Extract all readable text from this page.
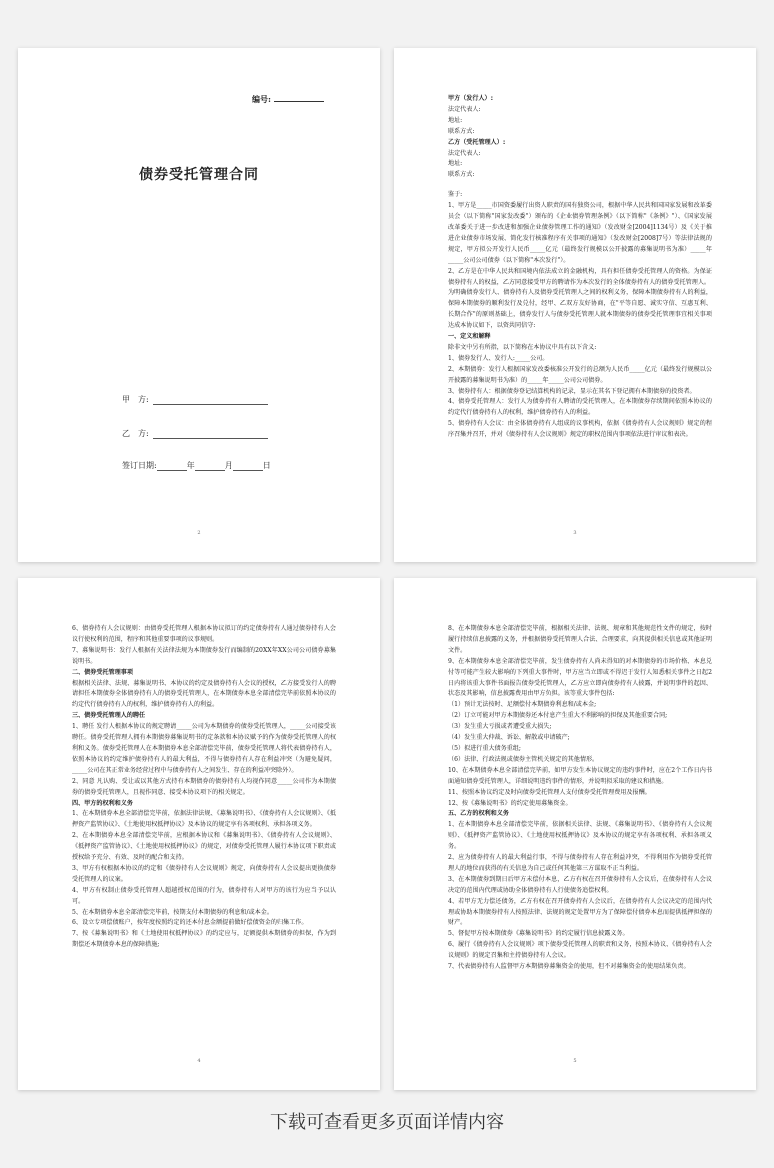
编号:
债券受托管理合同
甲　方:
乙　方:
签订日期:	年	月	日
2

甲方（发行人）:

法定代表人:

地址:

联系方式:

乙方（受托管理人）:

法定代表人:

地址:

联系方式:

鉴于:

1、甲方是_____市国资委履行出资人职责的国有独资公司，根据中华人民共和国国家发展和改革委员会（以下简称"国家发改委"）颁布的《企业债券管理条例》（以下简称"《条例》"）、《国家发展改革委关于进一步改进和加强企业债券管理工作的通知》（发改财金[2004]1134号）及《关于推进企业债券市场发展、简化发行核准程序有关事项的通知》（发改财金[2008]7号）等法律法规的规定，甲方拟公开发行人民币_____亿元（最终发行规模以公开披露的募集说明书为准）_____年_____公司公司债券（以下简称"本次发行"）。

2、乙方是在中华人民共和国境内依法成立的金融机构，具有担任债券受托管理人的资格。为保证债券持有人的权益，乙方同意接受甲方的聘请作为本次发行的全体债券持有人的债券受托管理人。

为明确债券发行人、债券持有人及债券受托管理人之间的权利义务，保障本期债券持有人的利益，保障本期债券的顺利发行及兑付，经甲、乙双方友好协商，在"平等自愿、诚实守信、互惠互利、长期合作"的原则基础上，债券发行人与债券受托管理人就本期债券的债券受托管理事宜相关事项达成本协议如下，以资共同信守:

一、定义和解释

除非文中另有所指，以下简称在本协议中具有以下含义:

1、债券发行人、发行人:_____公司。

2、本期债券：发行人根据国家发改委核准公开发行的总额为人民币_____亿元（最终发行规模以公开披露的募集说明书为准）的_____年_____公司公司债券。

3、债券持有人：根据债券登记结算机构的记录，显示在其名下登记拥有本期债券的投资者。

4、债券受托管理人：发行人为债券持有人聘请的受托管理人，在本期债券存续期间依照本协议的约定代行债券持有人的权利，维护债券持有人的利益。

5、债券持有人会议：由全体债券持有人组成的议事机构，依据《债券持有人会议规则》规定的程序召集并召开，并对《债券持有人会议规则》规定的职权范围内事项依法进行审议和表决。

3

6、债券持有人会议规则：由债券受托管理人根据本协议拟订的约定债券持有人通过债券持有人会议行使权利的范围，程序和其他重要事项的议事规则。

7、募集说明书：发行人根据有关法律法规为本期债券发行而编制的20XX年XX公司公司债券募集说明书。

二、债券受托管理事项

根据相关法律、法规、募集说明书、本协议的约定及债券持有人会议的授权，乙方接受发行人的聘请担任本期债券全体债券持有人的债券受托管理人，在本期债券本息全部清偿完毕前依照本协议的约定代行债券持有人的权利，维护债券持有人的利益。

三、债券受托管理人的聘任

1、聘任 发行人根据本协议的规定聘请_____公司为本期债券的债券受托管理人，_____公司接受该聘任。债券受托管理人拥有本期债券募集说明书的定条款和本协议赋予的作为债券受托管理人的权利和义务。债券受托管理人在本期债券本息全部清偿完毕前，债券受托管理人将代表债券持有人，依照本协议的约定维护债券持有人的最大利益，不得与债券持有人存在利益冲突（为避免疑问，_____公司在其正常业务经营过程中与债券持有人之间发生、存在的利益冲突除外）。

2、同意 凡认购、受让或以其他方式持有本期债券的债券持有人均视作同意_____公司作为本期债券的债券受托管理人，且视作同意、接受本协议项下的相关规定。

四、甲方的权利和义务

1、在本期债券本息全部清偿完毕前，依据法律法规、《募集说明书》、《债券持有人会议规则》、《抵押资产监管协议》、《土地使用权抵押协议》及本协议的规定享有各项权利、承担各项义务。

2、在本期债券本息全部清偿完毕前，应根据本协议和《募集说明书》、《债券持有人会议规则》、《抵押资产监管协议》、《土地使用权抵押协议》的规定，对债券受托管理人履行本协议项下职责或授权给予充分、有效、及时的配合和支持。

3、甲方有权根据本协议的约定和《债券持有人会议规则》规定，向债券持有人会议提出更换债券受托管理人的议案。

4、甲方有权制止债券受托管理人超越授权范围的行为，债券持有人对甲方的该行为应当予以认可。

5、在本期债券本息全部清偿完毕前，按期支付本期债券的利息和/或本金。

6、设立专项偿债账户，按年度按照约定的还本付息金额提前做好偿债资金的归集工作。

7、按《募集说明书》和《土地使用权抵押协议》的约定应与，足额提供本期债券的担保，作为到期偿还本期债券本息的保障措施;

4

8、在本期债券本息全部清偿完毕前，根据相关法律、法规、规章和其他规范性文件的规定，按时履行持续信息披露的义务，并根据债券受托管理人合法、合理要求，向其提供相关信息或其他证明文件。

9、在本期债券本息全部清偿完毕前，发生债券持有人尚未得知的对本期债券的市场价格、本息兑付等可能产生较大影响的下列重大事件时，甲方应当立即或不得迟于发行人知悉相关事件之日起2日内将该重大事件书面报告债券受托管理人，乙方应立即向债券持有人披露，并说明事件的起因、状态及其影响，信息披露费用由甲方负担。该等重大事件包括:

（1）预计无法按时、足额偿付本期债券利息和/或本金;

（2）订立可能对甲方本期债券还本付息产生重大不利影响的担保及其他重要合同;

（3）发生重大亏损或者遭受重大损失;

（4）发生重大仲裁、诉讼、解散或申请破产;

（5）拟进行重大债务重组;

（6）法律、行政法规或债券主管机关规定的其他情形。

10、在本期债券本息全部清偿完毕前，如甲方发生本协议规定的违约事件时，应在2个工作日内书面通知债券受托管理人，详细说明违约事件的情形，并说明拟采取的建议和措施。

11、按照本协议约定及时向债券受托管理人支付债券受托管理费用及报酬。

12、按《募集说明书》的约定使用募集资金。

五、乙方的权利和义务

1、在本期债券本息全部清偿完毕前，依据相关法律、法规、《募集说明书》、《债券持有人会议规则》、《抵押资产监管协议》、《土地使用权抵押协议》及本协议的规定享有各项权利、承担各项义务。

2、应为债券持有人的最大利益行事，不得与债券持有人存在利益冲突，不得利用作为债券受托管理人的地位而获得的有关信息为自己或任何其他第三方谋取不正当利益。

3、在本期债券到期日后甲方未偿付本息，乙方有权在召开债券持有人会议后，在债券持有人会议决定的范围内代理或协助全体债券持有人行使债务追偿权利。

4、若甲方无力偿还债务，乙方有权在召开债券持有人会议后，在债券持有人会议决定的范围内代理或协助本期债券持有人按照法律、法规的规定处置甲方为了保障偿付债券本息而提供抵押担保的财产。

5、督促甲方按本期债券《募集说明书》的约定履行信息披露义务。

6、履行《债券持有人会议规则》项下债券受托管理人的职责和义务，按照本协议、《债券持有人会议规则》的规定召集和主持债券持有人会议。

7、代表债券持有人监督甲方本期债券募集资金的使用，但不对募集资金的使用结果负责。

5
下载可查看更多页面详情内容
